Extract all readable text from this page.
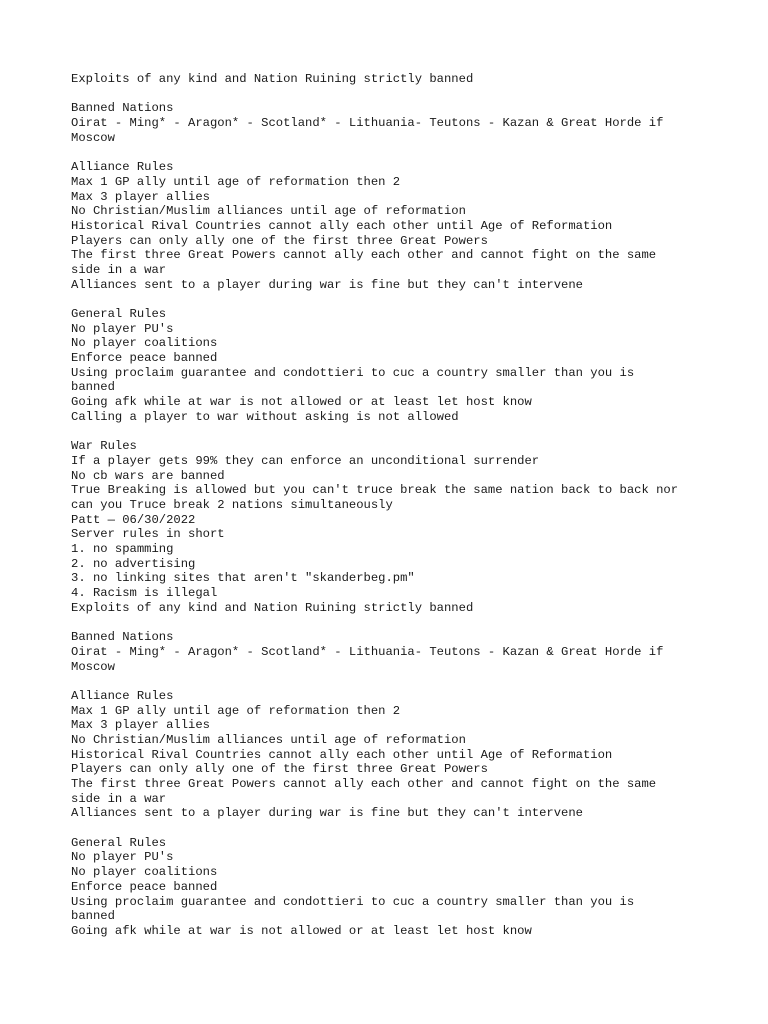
Exploits of any kind and Nation Ruining strictly banned
Banned Nations
Oirat - Ming* - Aragon* - Scotland* - Lithuania- Teutons - Kazan & Great Horde if
Moscow
Alliance Rules
Max 1 GP ally until age of reformation then 2
Max 3 player allies
No Christian/Muslim alliances until age of reformation
Historical Rival Countries cannot ally each other until Age of Reformation
Players can only ally one of the first three Great Powers
The first three Great Powers cannot ally each other and cannot fight on the same
side in a war
Alliances sent to a player during war is fine but they can't intervene
General Rules
No player PU's
No player coalitions
Enforce peace banned
Using proclaim guarantee and condottieri to cuc a country smaller than you is
banned
Going afk while at war is not allowed or at least let host know
Calling a player to war without asking is not allowed
War Rules
If a player gets 99% they can enforce an unconditional surrender
No cb wars are banned
True Breaking is allowed but you can't truce break the same nation back to back nor
can you Truce break 2 nations simultaneously
Patt — 06/30/2022
Server rules in short
1. no spamming
2. no advertising
3. no linking sites that aren't "skanderbeg.pm"
4. Racism is illegal
Exploits of any kind and Nation Ruining strictly banned
Banned Nations
Oirat - Ming* - Aragon* - Scotland* - Lithuania- Teutons - Kazan & Great Horde if
Moscow
Alliance Rules
Max 1 GP ally until age of reformation then 2
Max 3 player allies
No Christian/Muslim alliances until age of reformation
Historical Rival Countries cannot ally each other until Age of Reformation
Players can only ally one of the first three Great Powers
The first three Great Powers cannot ally each other and cannot fight on the same
side in a war
Alliances sent to a player during war is fine but they can't intervene
General Rules
No player PU's
No player coalitions
Enforce peace banned
Using proclaim guarantee and condottieri to cuc a country smaller than you is
banned
Going afk while at war is not allowed or at least let host know
